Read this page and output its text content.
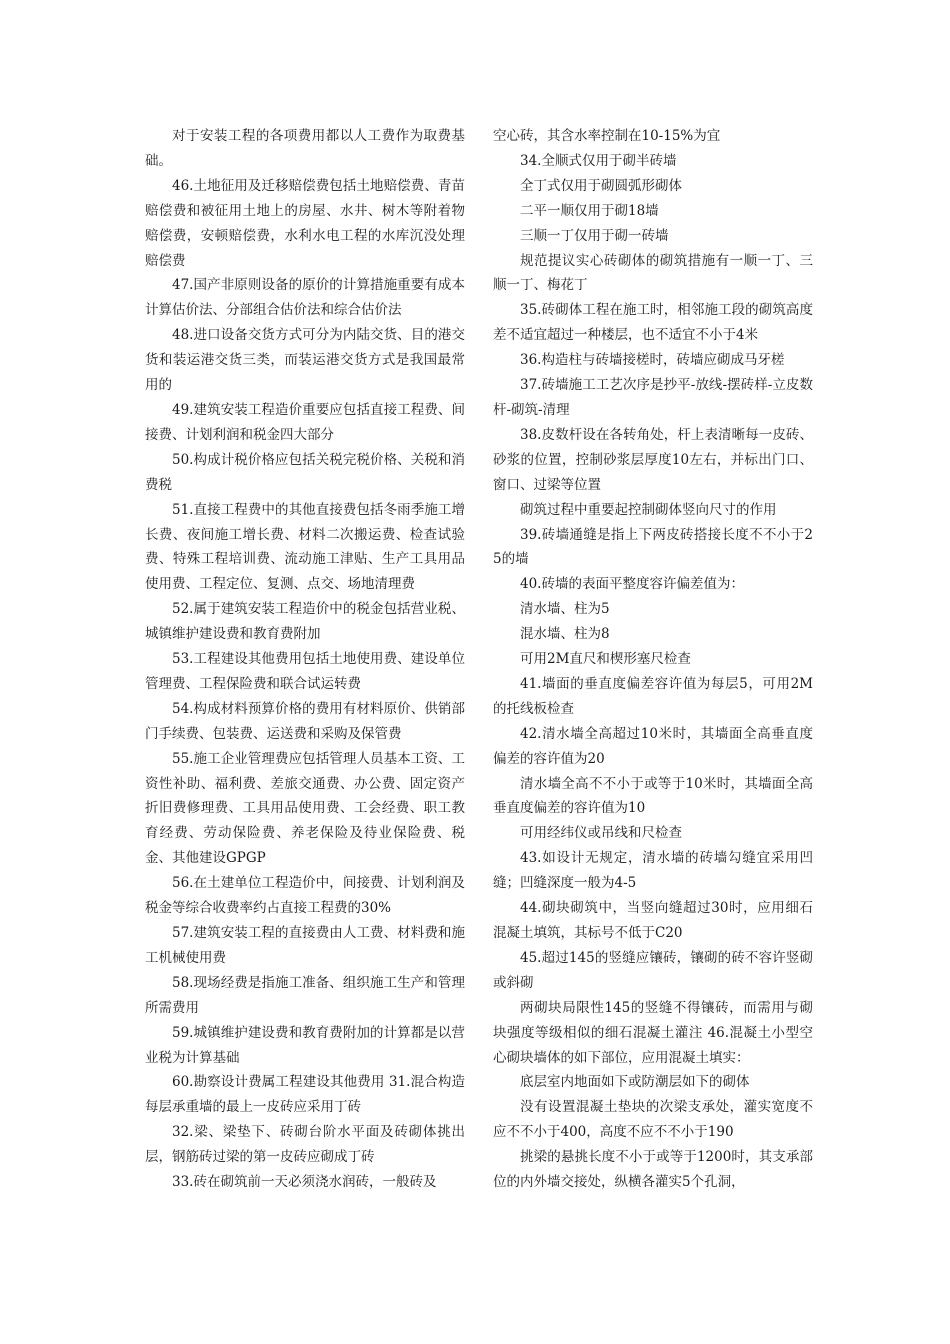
对于安装工程的各项费用都以人工费作为取费基础。

46.土地征用及迁移赔偿费包括土地赔偿费、青苗赔偿费和被征用土地上的房屋、水井、树木等附着物赔偿费，安顿赔偿费，水利水电工程的水库沉没处理赔偿费

47.国产非原则设备的原价的计算措施重要有成本计算估价法、分部组合估价法和综合估价法

48.进口设备交货方式可分为内陆交货、目的港交货和装运港交货三类，而装运港交货方式是我国最常用的

49.建筑安装工程造价重要应包括直接工程费、间接费、计划利润和税金四大部分

50.构成计税价格应包括关税完税价格、关税和消费税

51.直接工程费中的其他直接费包括冬雨季施工增长费、夜间施工增长费、材料二次搬运费、检查试验费、特殊工程培训费、流动施工津贴、生产工具用品使用费、工程定位、复测、点交、场地清理费

52.属于建筑安装工程造价中的税金包括营业税、城镇维护建设费和教育费附加

53.工程建设其他费用包括土地使用费、建设单位管理费、工程保险费和联合试运转费

54.构成材料预算价格的费用有材料原价、供销部门手续费、包装费、运送费和采购及保管费

55.施工企业管理费应包括管理人员基本工资、工资性补助、福利费、差旅交通费、办公费、固定资产折旧费修理费、工具用品使用费、工会经费、职工教育经费、劳动保险费、养老保险及待业保险费、税金、其他建设GPGP

56.在土建单位工程造价中，间接费、计划利润及税金等综合收费率约占直接工程费的30%

57.建筑安装工程的直接费由人工费、材料费和施工机械使用费

58.现场经费是指施工准备、组织施工生产和管理所需费用

59.城镇维护建设费和教育费附加的计算都是以营业税为计算基础

60.勘察设计费属工程建设其他费用 31.混合构造每层承重墙的最上一皮砖应采用丁砖

32.梁、梁垫下、砖砌台阶水平面及砖砌体挑出层，钢筋砖过梁的第一皮砖应砌成丁砖

33.砖在砌筑前一天必须浇水润砖，一般砖及

空心砖，其含水率控制在10-15%为宜

34.全顺式仅用于砌半砖墙

全丁式仅用于砌圆弧形砌体

二平一顺仅用于砌18墙

三顺一丁仅用于砌一砖墙

规范提议实心砖砌体的砌筑措施有一顺一丁、三顺一丁、梅花丁

35.砖砌体工程在施工时，相邻施工段的砌筑高度差不适宜超过一种楼层，也不适宜不小于4米

36.构造柱与砖墙接槎时，砖墙应砌成马牙槎

37.砖墙施工工艺次序是抄平-放线-摆砖样-立皮数杆-砌筑-清理

38.皮数杆设在各转角处，杆上表清晰每一皮砖、砂浆的位置，控制砂浆层厚度10左右，并标出门口、窗口、过梁等位置

砌筑过程中重要起控制砌体竖向尺寸的作用

39.砖墙通缝是指上下两皮砖搭接长度不不小于25的墙

40.砖墙的表面平整度容许偏差值为：

清水墙、柱为5

混水墙、柱为8

可用2M直尺和楔形塞尺检查

41.墙面的垂直度偏差容许值为每层5，可用2M的托线板检查

42.清水墙全高超过10米时，其墙面全高垂直度偏差的容许值为20

清水墙全高不不小于或等于10米时，其墙面全高垂直度偏差的容许值为10

可用经纬仪或吊线和尺检查

43.如设计无规定，清水墙的砖墙勾缝宜采用凹缝；凹缝深度一般为4-5

44.砌块砌筑中，当竖向缝超过30时，应用细石混凝土填筑，其标号不低于C20

45.超过145的竖缝应镶砖，镶砌的砖不容许竖砌或斜砌

两砌块局限性145的竖缝不得镶砖，而需用与砌块强度等级相似的细石混凝土灌注 46.混凝土小型空心砌块墙体的如下部位，应用混凝土填实：

底层室内地面如下或防潮层如下的砌体

没有设置混凝土垫块的次梁支承处，灌实宽度不应不不小于400，高度不应不不小于190

挑梁的悬挑长度不小于或等于1200时，其支承部位的内外墙交接处，纵横各灌实5个孔洞，
